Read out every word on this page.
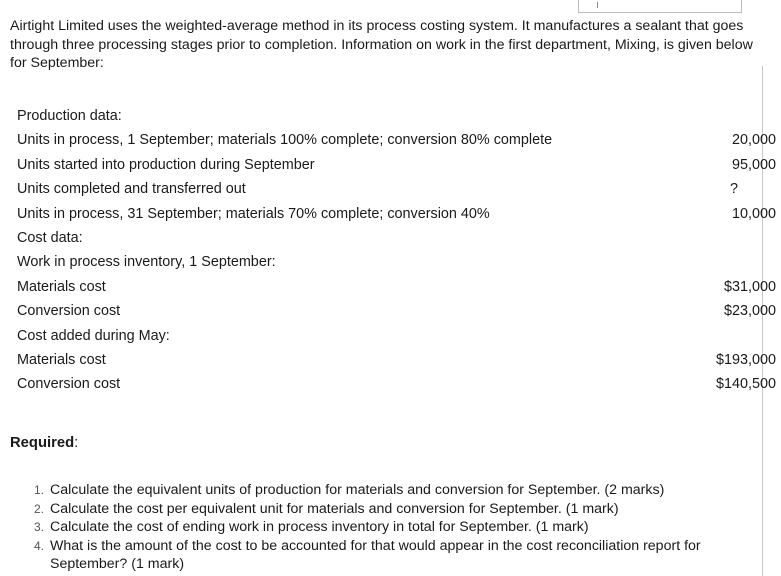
Airtight Limited uses the weighted-average method in its process costing system. It manufactures a sealant that goes through three processing stages prior to completion. Information on work in the first department, Mixing, is given below for September:

Production data:
Units in process, 1 September; materials 100% complete; conversion 80% complete	20,000
Units started into production during September	95,000
Units completed and transferred out	?
Units in process, 31 September; materials 70% complete; conversion 40%	10,000
Cost data:
Work in process inventory, 1 September:
Materials cost	$31,000
Conversion cost	$23,000
Cost added during May:
Materials cost	$193,000
Conversion cost	$140,500

Required:

1. Calculate the equivalent units of production for materials and conversion for September. (2 marks)
2. Calculate the cost per equivalent unit for materials and conversion for September. (1 mark)
3. Calculate the cost of ending work in process inventory in total for September. (1 mark)
4. What is the amount of the cost to be accounted for that would appear in the cost reconciliation report for September? (1 mark)
